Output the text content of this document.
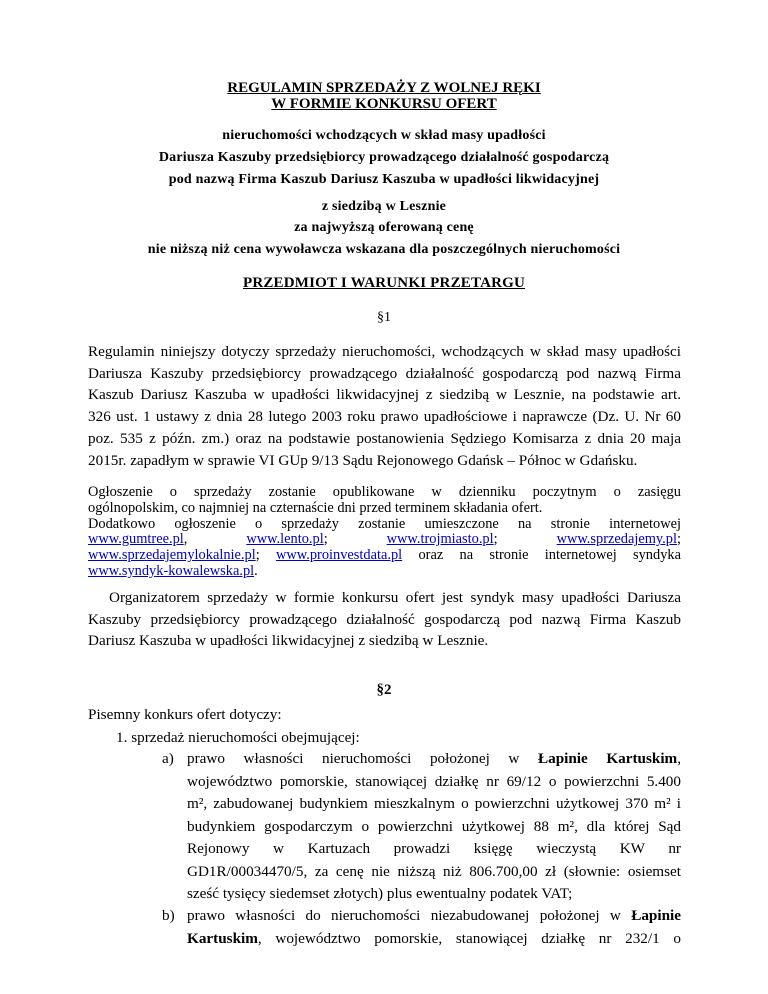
REGULAMIN SPRZEDAŻY Z WOLNEJ RĘKI
W FORMIE KONKURSU OFERT
nieruchomości wchodzących w skład masy upadłości
Dariusza Kaszuby przedsiębiorcy prowadzącego działalność gospodarczą
pod nazwą Firma Kaszub Dariusz Kaszuba w upadłości likwidacyjnej
z siedzibą w Lesznie
za najwyższą oferowaną cenę
nie niższą niż cena wywoławcza wskazana dla poszczególnych nieruchomości
PRZEDMIOT I WARUNKI PRZETARGU
§1
Regulamin niniejszy dotyczy sprzedaży nieruchomości, wchodzących w skład masy upadłości
Dariusza Kaszuby przedsiębiorcy prowadzącego działalność gospodarczą pod nazwą Firma
Kaszub Dariusz Kaszuba w upadłości likwidacyjnej z siedzibą w Lesznie, na podstawie art.
326 ust. 1 ustawy z dnia 28 lutego 2003 roku prawo upadłościowe i naprawcze (Dz. U. Nr 60
poz. 535 z późn. zm.) oraz na podstawie postanowienia Sędziego Komisarza z dnia 20 maja
2015r. zapadłym w sprawie VI GUp 9/13 Sądu Rejonowego Gdańsk – Północ w Gdańsku.
Ogłoszenie o sprzedaży zostanie opublikowane w dzienniku poczytnym o zasięgu
ogólnopolskim, co najmniej na czternaście dni przed terminem składania ofert.
Dodatkowo ogłoszenie o sprzedaży zostanie umieszczone na stronie internetowej
www.gumtree.pl, www.lento.pl; www.trojmiasto.pl; www.sprzedajemy.pl;
www.sprzedajemylokalnie.pl; www.proinvestdata.pl oraz na stronie internetowej syndyka
www.syndyk-kowalewska.pl.
Organizatorem sprzedaży w formie konkursu ofert jest syndyk masy upadłości Dariusza
Kaszuby przedsiębiorcy prowadzącego działalność gospodarczą pod nazwą Firma Kaszub
Dariusz Kaszuba w upadłości likwidacyjnej z siedzibą w Lesznie.
§2
Pisemny konkurs ofert dotyczy:
1. sprzedaż nieruchomości obejmującej:
a) prawo własności nieruchomości położonej w Łapinie Kartuskim,
województwo pomorskie, stanowiącej działkę nr 69/12 o powierzchni 5.400
m², zabudowanej budynkiem mieszkalnym o powierzchni użytkowej 370 m² i
budynkiem gospodarczym o powierzchni użytkowej 88 m², dla której Sąd
Rejonowy w Kartuzach prowadzi księgę wieczystą KW nr
GD1R/00034470/5, za cenę nie niższą niż 806.700,00 zł (słownie: osiemset
sześć tysięcy siedemset złotych) plus ewentualny podatek VAT;
b) prawo własności do nieruchomości niezabudowanej położonej w Łapinie
Kartuskim, województwo pomorskie, stanowiącej działkę nr 232/1 o
